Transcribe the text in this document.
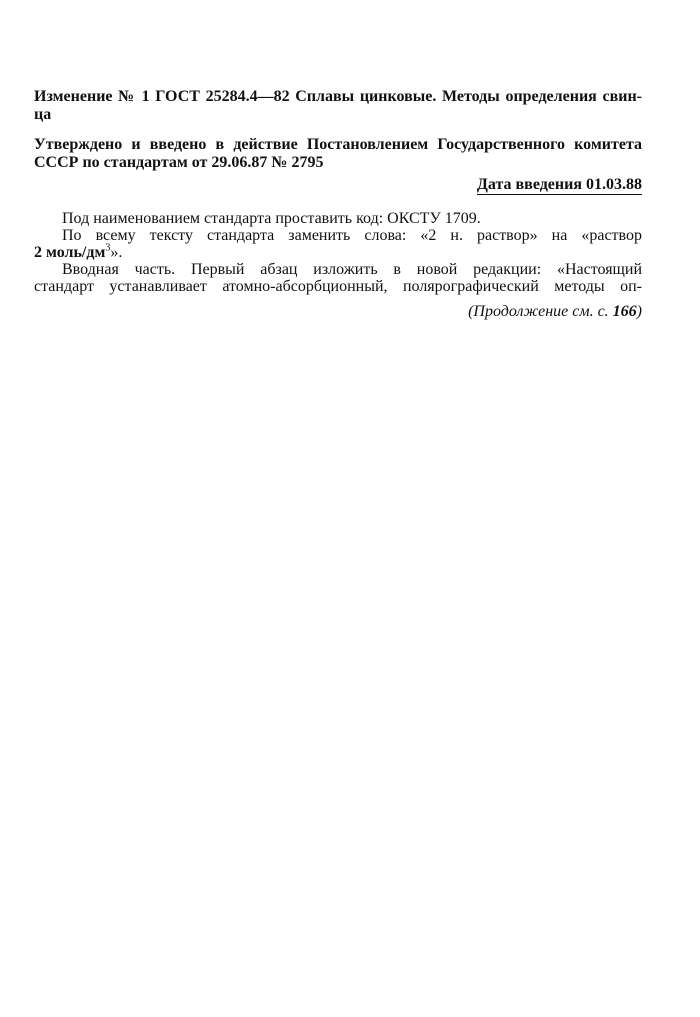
Изменение № 1 ГОСТ 25284.4—82 Сплавы цинковые. Методы определения свин-
ца

Утверждено и введено в действие Постановлением Государственного комитета
СССР по стандартам от 29.06.87 № 2795

Дата введения 01.03.88

Под наименованием стандарта проставить код: ОКСТУ 1709.

По всему тексту стандарта заменить слова: «2 н. раствор» на «раствор
2 моль/$дм^3$».

Вводная часть. Первый абзац изложить в новой редакции: «Настоящий
стандарт устанавливает атомно-абсорбционный, полярографический методы оп-

(Продолжение см. с. 166)
